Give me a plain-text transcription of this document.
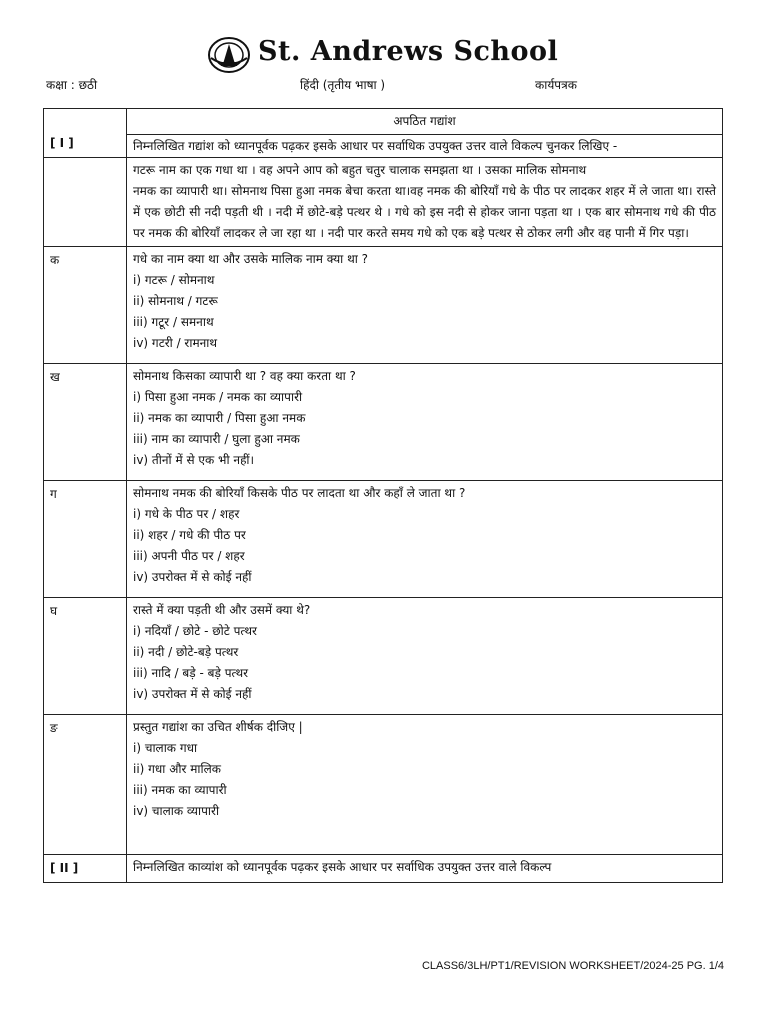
St. Andrews School
कक्षा : छठी	हिंदी (तृतीय भाषा )	कार्यपत्रक
[ I ]	अपठित गद्यांश
	निम्नलिखित गद्यांश को ध्यानपूर्वक पढ़कर इसके आधार पर सर्वाधिक उपयुक्त उत्तर वाले विकल्प चुनकर लिखिए -

	गटरू नाम का एक गधा था । वह अपने आप को बहुत चतुर चालाक समझता था । उसका मालिक सोमनाथ
नमक का व्यापारी था। सोमनाथ पिसा हुआ नमक बेचा करता था।वह नमक की बोरियाँ गधे के पीठ पर लादकर शहर में ले जाता था। रास्ते में एक छोटी सी नदी पड़ती थी । नदी में छोटे-बड़े पत्थर थे । गधे को इस नदी से होकर जाना पड़ता था । एक बार सोमनाथ गधे की पीठ पर नमक की बोरियाँ लादकर ले जा रहा था । नदी पार करते समय गधे को एक बड़े पत्थर से ठोकर लगी और वह पानी में गिर पड़ा।

क	गधे का नाम क्या था और उसके मालिक नाम क्या था ?
i) गटरू / सोमनाथ
ii) सोमनाथ / गटरू
iii) गटूर / समनाथ
iv) गटरी / रामनाथ

ख	सोमनाथ किसका व्यापारी था ? वह क्या करता था ?
i) पिसा हुआ नमक / नमक का व्यापारी
ii) नमक का व्यापारी / पिसा हुआ नमक
iii) नाम का व्यापारी / घुला हुआ नमक
iv) तीनों में से एक भी नहीं।

ग	सोमनाथ नमक की बोरियाँ किसके पीठ पर लादता था और कहाँ ले जाता था ?
i) गधे के पीठ पर / शहर
ii) शहर / गधे की पीठ पर
iii) अपनी पीठ पर / शहर
iv) उपरोक्त में से कोई नहीं

घ	रास्ते में क्या पड़ती थी और उसमें क्या थे?
i) नदियाँ / छोटे - छोटे पत्थर
ii) नदी / छोटे-बड़े पत्थर
iii) नादि / बड़े - बड़े पत्थर
iv) उपरोक्त में से कोई नहीं

ङ	प्रस्तुत गद्यांश का उचित शीर्षक दीजिए |
i) चालाक गधा
ii) गधा और मालिक
iii) नमक का व्यापारी
iv) चालाक व्यापारी

[ II ]	निम्नलिखित काव्यांश को ध्यानपूर्वक पढ़कर इसके आधार पर सर्वाधिक उपयुक्त उत्तर वाले विकल्प
CLASS6/3LH/PT1/REVISION WORKSHEET/2024-25 PG. 1/4
